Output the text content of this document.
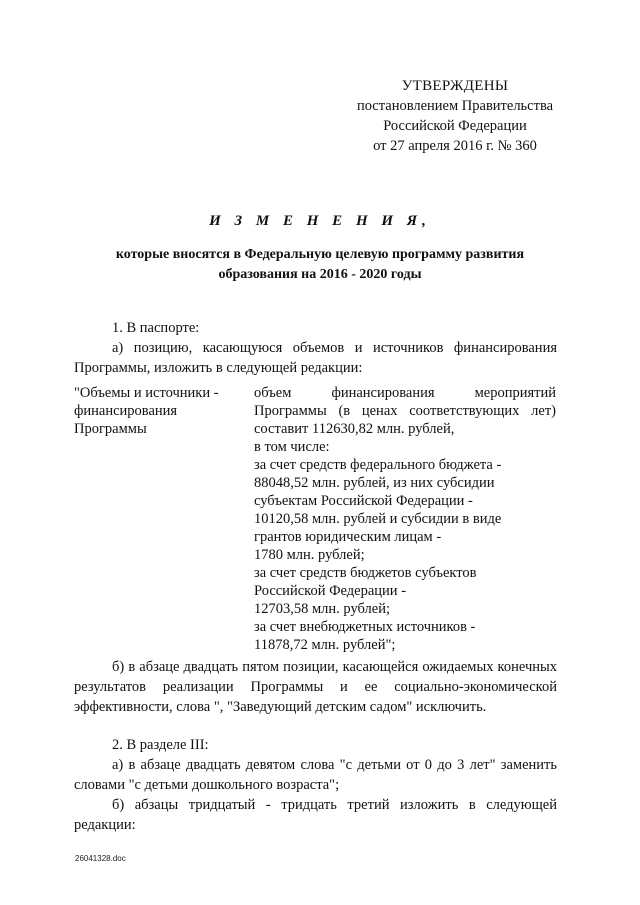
УТВЕРЖДЕНЫ
постановлением Правительства
Российской Федерации
от 27 апреля 2016 г. № 360
И З М Е Н Е Н И Я,
которые вносятся в Федеральную целевую программу развития
образования на 2016 - 2020 годы
1. В паспорте:
а) позицию, касающуюся объемов и источников финансирования Программы, изложить в следующей редакции:
"Объемы и источники -
финансирования
Программы
объем финансирования мероприятий
Программы (в ценах соответствующих лет)
составит 112630,82 млн. рублей,
в том числе:
за счет средств федерального бюджета -
88048,52 млн. рублей, из них субсидии
субъектам Российской Федерации -
10120,58 млн. рублей и субсидии в виде
грантов юридическим лицам -
1780 млн. рублей;
за счет средств бюджетов субъектов
Российской Федерации -
12703,58 млн. рублей;
за счет внебюджетных источников -
11878,72 млн. рублей";
б) в абзаце двадцать пятом позиции, касающейся ожидаемых конечных результатов реализации Программы и ее социально-экономической эффективности, слова ", "Заведующий детским садом" исключить.
2. В разделе III:
а) в абзаце двадцать девятом слова "с детьми от 0 до 3 лет" заменить словами "с детьми дошкольного возраста";
б) абзацы тридцатый - тридцать третий изложить в следующей редакции:
26041328.doc
